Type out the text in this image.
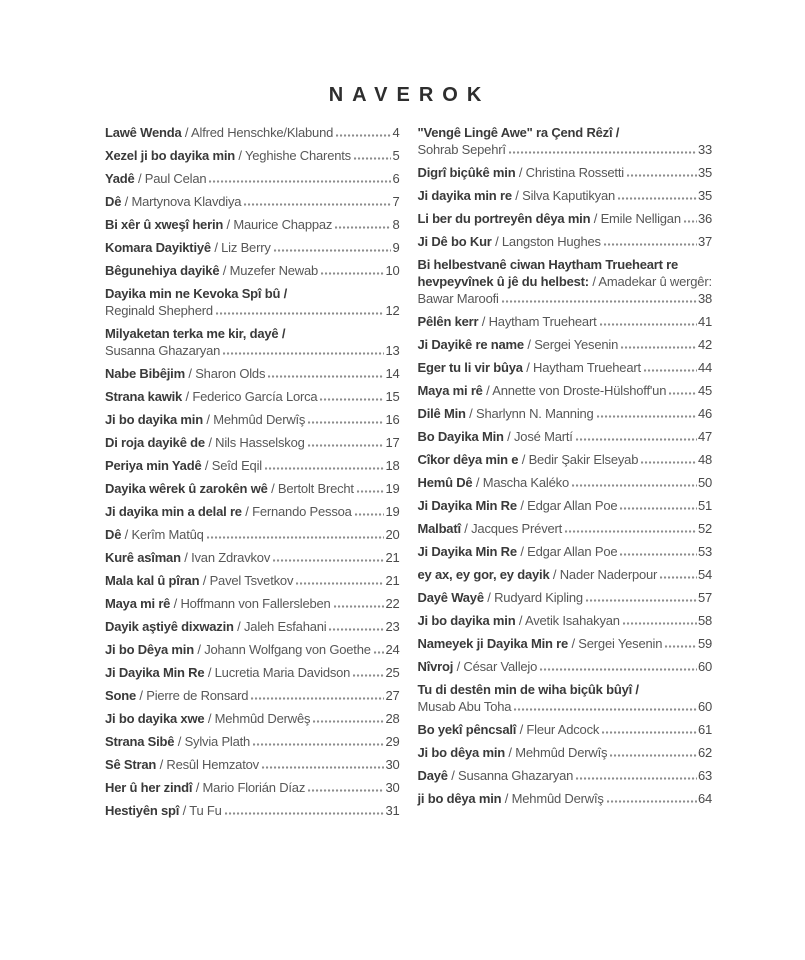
NAVEROK
Lawê Wenda / Alfred Henschke/Klabund	4
Xezel ji bo dayika min / Yeghishe Charents	5
Yadê / Paul Celan	6
Dê / Martynova Klavdiya	7
Bi xêr û xweşî herin / Maurice Chappaz	8
Komara Dayiktiyê / Liz Berry	9
Bêgunehiya dayikê / Muzefer Newab	10
Dayika min ne Kevoka Spî bû /
Reginald Shepherd	12
Milyaketan terka me kir, dayê /
Susanna Ghazaryan	13
Nabe Bibêjim / Sharon Olds	14
Strana kawik / Federico García Lorca	15
Ji bo dayika min / Mehmûd Derwîş	16
Di roja dayikê de / Nils Hasselskog	17
Periya min Yadê / Seîd Eqil	18
Dayika wêrek û zarokên wê / Bertolt Brecht 19
Ji dayika min a delal re / Fernando Pessoa	19
Dê / Kerîm Matûq	20
Kurê asîman / Ivan Zdravkov	21
Mala kal û pîran / Pavel Tsvetkov	21
Maya mi rê / Hoffmann von Fallersleben	22
Dayik aştiyê dixwazin / Jaleh Esfahani	23
Ji bo Dêya min / Johann Wolfgang von Goethe 24
Ji Dayika Min Re / Lucretia Maria Davidson	25
Sone / Pierre de Ronsard	27
Ji bo dayika xwe / Mehmûd Derwêş	28
Strana Sibê / Sylvia Plath	29
Sê Stran / Resûl Hemzatov	30
Her û her zindî / Mario Florián Díaz	30
Hestiyên spî / Tu Fu	31
"Vengê Lingê Awe" ra Çend Rêzî /
Sohrab Sepehrî	33
Digrî biçûkê min / Christina Rossetti	35
Ji dayika min re / Silva Kaputikyan	35
Li ber du portreyên dêya min / Emile Nelligan 36
Ji Dê bo Kur / Langston Hughes	37
Bi helbestvanê ciwan Haytham Trueheart re
hevpeyvînek û jê du helbest: / Amadekar û wergêr:
Bawar Maroofi	38
Pêlên kerr / Haytham Trueheart	41
Ji Dayikê re name / Sergei Yesenin	42
Eger tu li vir bûya / Haytham Trueheart	44
Maya mi rê / Annette von Droste-Hülshoff'un 45
Dilê Min / Sharlynn N. Manning	46
Bo Dayika Min / José Martí	47
Cîkor dêya min e / Bedir Şakir Elseyab	48
Hemû Dê / Mascha Kaléko	50
Ji Dayika Min Re / Edgar Allan Poe	51
Malbatî / Jacques Prévert	52
Ji Dayika Min Re / Edgar Allan Poe	53
ey ax, ey gor, ey dayik / Nader Naderpour	54
Dayê Wayê / Rudyard Kipling	57
Ji bo dayika min / Avetik Isahakyan	58
Nameyek ji Dayika Min re / Sergei Yesenin	59
Nîvroj / César Vallejo	60
Tu di destên min de wiha biçûk bûyî /
Musab Abu Toha	60
Bo yekî pêncsalî / Fleur Adcock	61
Ji bo dêya min / Mehmûd Derwîş	62
Dayê / Susanna Ghazaryan	63
ji bo dêya min / Mehmûd Derwîş	64
